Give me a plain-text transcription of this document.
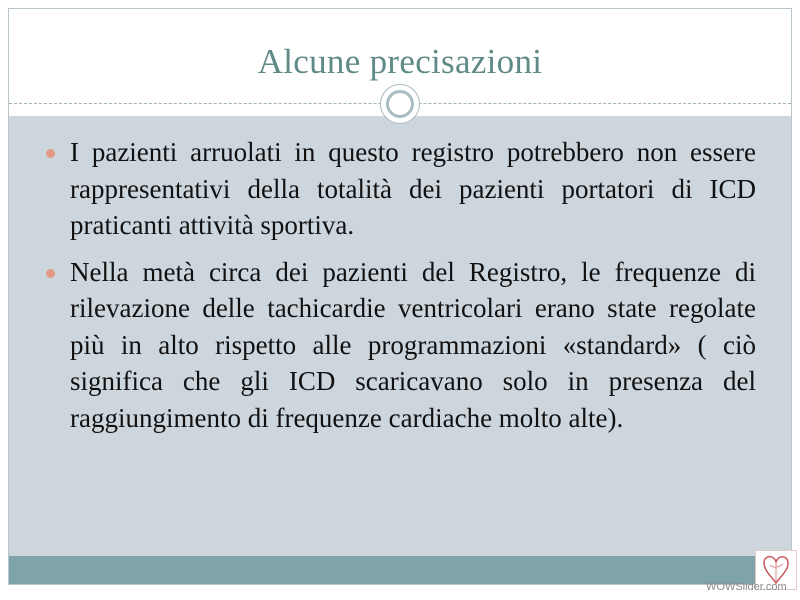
Alcune precisazioni
I pazienti arruolati in questo registro potrebbero non essere rappresentativi della totalità dei pazienti portatori di ICD praticanti attività sportiva.
Nella metà circa dei pazienti del Registro, le frequenze di rilevazione delle tachicardie ventricolari erano state regolate più in alto rispetto alle programmazioni «standard» ( ciò significa che gli ICD scaricavano solo in presenza del raggiungimento di frequenze cardiache molto alte).
WOWSlider.com
